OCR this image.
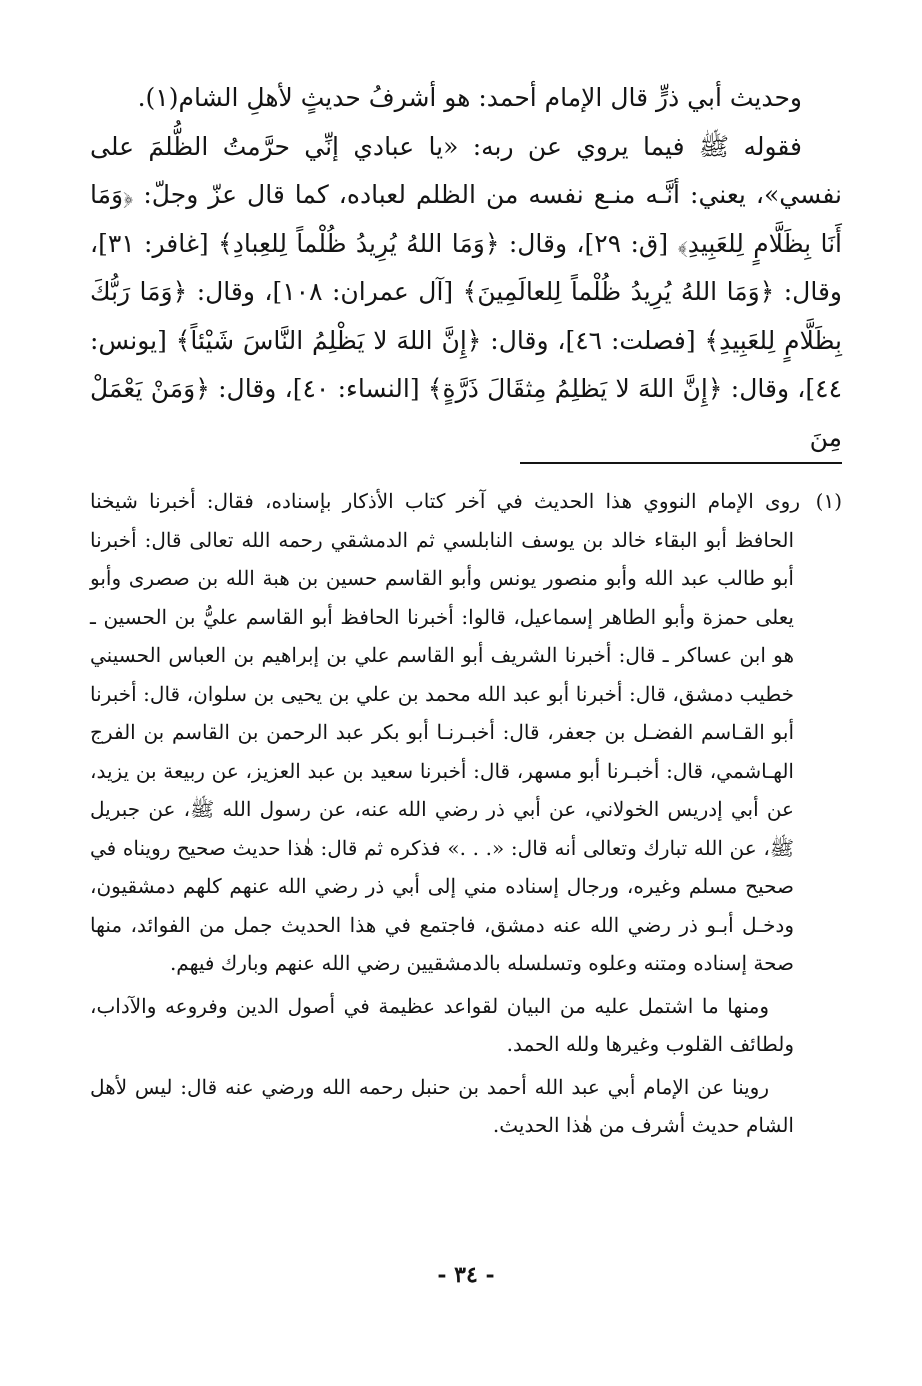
وحديث أبي ذرٍّ قال الإمام أحمد: هو أشرفُ حديثٍ لأهلِ الشام(١).

فقوله ﷺ فيما يروي عن ربه: «يا عبادي إنِّي حرَّمتُ الظُّلمَ على نفسي»، يعني: أنَّـه منـع نفسه من الظلم لعباده، كما قال عزّ وجلّ: ﴿وَمَا أَنَا بِظَلَّامٍ لِلعَبِيدِ﴾ [ق: ٢٩]، وقال: ﴿وَمَا اللهُ يُرِيدُ ظُلْماً لِلعِبادِ﴾ [غافر: ٣١]، وقال: ﴿وَمَا اللهُ يُرِيدُ ظُلْماً لِلعالَمِينَ﴾ [آل عمران: ١٠٨]، وقال: ﴿وَمَا رَبُّكَ بِظَلَّامٍ لِلعَبِيدِ﴾ [فصلت: ٤٦]، وقال: ﴿إِنَّ اللهَ لا يَظْلِمُ النَّاسَ شَيْئاً﴾ [يونس: ٤٤]، وقال: ﴿إِنَّ اللهَ لا يَظلِمُ مِثقَالَ ذَرَّةٍ﴾ [النساء: ٤٠]، وقال: ﴿وَمَنْ يَعْمَلْ مِنَ

(١)روى الإمام النووي هذا الحديث في آخر كتاب الأذكار بإسناده، فقال: أخبرنا شيخنا الحافظ أبو البقاء خالد بن يوسف النابلسي ثم الدمشقي رحمه الله تعالى قال: أخبرنا أبو طالب عبد الله وأبو منصور يونس وأبو القاسم حسين بن هبة الله بن صصرى وأبو يعلى حمزة وأبو الطاهر إسماعيل، قالوا: أخبرنا الحافظ أبو القاسم عليُّ بن الحسين ـ هو ابن عساكر ـ قال: أخبرنا الشريف أبو القاسم علي بن إبراهيم بن العباس الحسيني خطيب دمشق، قال: أخبرنا أبو عبد الله محمد بن علي بن يحيى بن سلوان، قال: أخبرنا أبو القـاسم الفضـل بن جعفر، قال: أخبـرنـا أبو بكر عبد الرحمن بن القاسم بن الفرج الهـاشمي، قال: أخبـرنا أبو مسهر، قال: أخبرنا سعيد بن عبد العزيز، عن ربيعة بن يزيد، عن أبي إدريس الخولاني، عن أبي ذر رضي الله عنه، عن رسول الله ﷺ، عن جبريل ﷺ، عن الله تبارك وتعالى أنه قال: «. . .» فذكره ثم قال: هٰذا حديث صحيح رويناه في صحيح مسلم وغيره، ورجال إسناده مني إلى أبي ذر رضي الله عنهم كلهم دمشقيون، ودخـل أبـو ذر رضي الله عنه دمشق، فاجتمع في هذا الحديث جمل من الفوائد، منها صحة إسناده ومتنه وعلوه وتسلسله بالدمشقيين رضي الله عنهم وبارك فيهم.

ومنها ما اشتمل عليه من البيان لقواعد عظيمة في أصول الدين وفروعه والآداب، ولطائف القلوب وغيرها ولله الحمد.

روينا عن الإمام أبي عبد الله أحمد بن حنبل رحمه الله ورضي عنه قال: ليس لأهل الشام حديث أشرف من هٰذا الحديث.

- ٣٤ -
